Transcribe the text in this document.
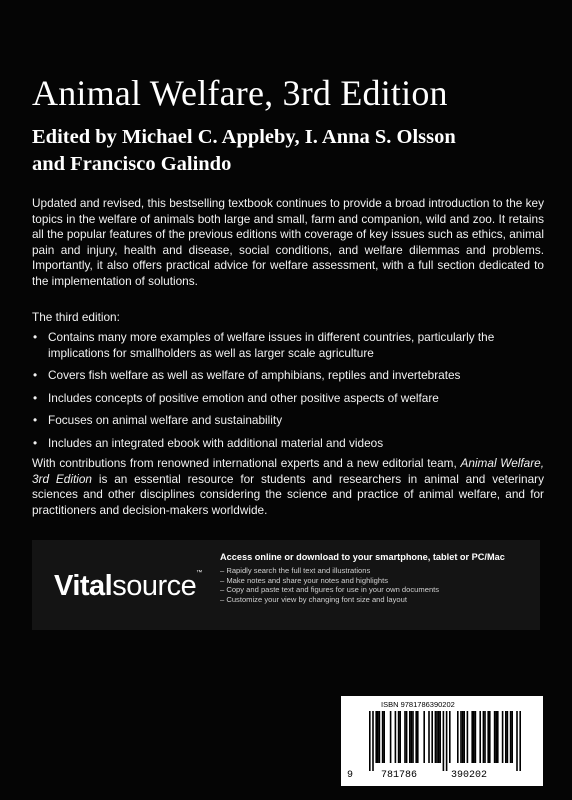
Animal Welfare, 3rd Edition
Edited by Michael C. Appleby, I. Anna S. Olsson
and Francisco Galindo

Updated and revised, this bestselling textbook continues to provide a broad introduction to the key topics in the welfare of animals both large and small, farm and companion, wild and zoo. It retains all the popular features of the previous editions with coverage of key issues such as ethics, animal pain and injury, health and disease, social conditions, and welfare dilemmas and problems. Importantly, it also offers practical advice for welfare assessment, with a full section dedicated to the implementation of solutions.

The third edition:

• Contains many more examples of welfare issues in different countries, particularly the implications for smallholders as well as larger scale agriculture
• Covers fish welfare as well as welfare of amphibians, reptiles and invertebrates
• Includes concepts of positive emotion and other positive aspects of welfare
• Focuses on animal welfare and sustainability
• Includes an integrated ebook with additional material and videos

With contributions from renowned international experts and a new editorial team, Animal Welfare, 3rd Edition is an essential resource for students and researchers in animal and veterinary sciences and other disciplines considering the science and practice of animal welfare, and for practitioners and decision-makers worldwide.

Vitalsource™
Access online or download to your smartphone, tablet or PC/Mac
– Rapidly search the full text and illustrations
– Make notes and share your notes and highlights
– Copy and paste text and figures for use in your own documents
– Customize your view by changing font size and layout
ISBN 9781786390202
9	781786	390202
